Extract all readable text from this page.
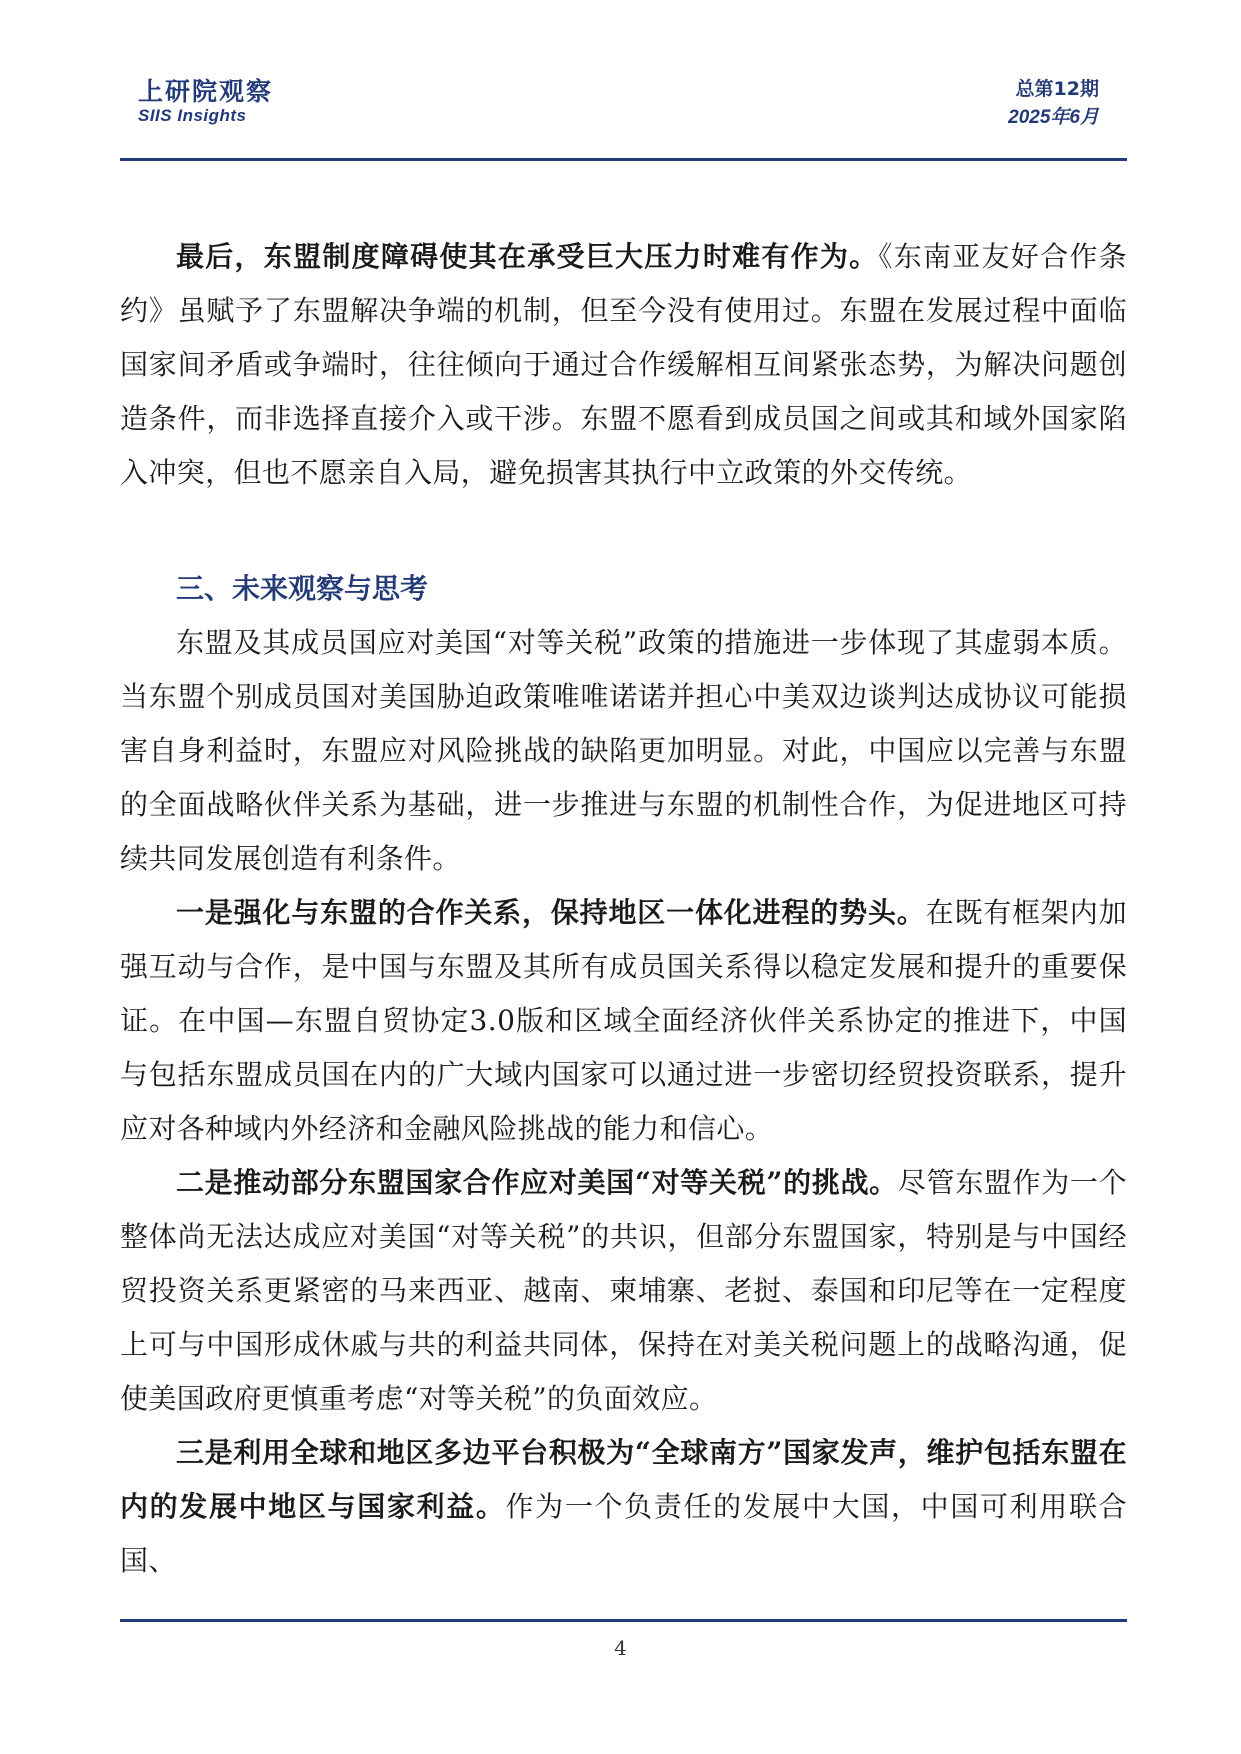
上研院观察
SIIS Insights
总第12期
2025年6月

最后，东盟制度障碍使其在承受巨大压力时难有作为。《东南亚友好合作条约》虽赋予了东盟解决争端的机制，但至今没有使用过。东盟在发展过程中面临国家间矛盾或争端时，往往倾向于通过合作缓解相互间紧张态势，为解决问题创造条件，而非选择直接介入或干涉。东盟不愿看到成员国之间或其和域外国家陷入冲突，但也不愿亲自入局，避免损害其执行中立政策的外交传统。

三、未来观察与思考

东盟及其成员国应对美国“对等关税”政策的措施进一步体现了其虚弱本质。当东盟个别成员国对美国胁迫政策唯唯诺诺并担心中美双边谈判达成协议可能损害自身利益时，东盟应对风险挑战的缺陷更加明显。对此，中国应以完善与东盟的全面战略伙伴关系为基础，进一步推进与东盟的机制性合作，为促进地区可持续共同发展创造有利条件。

一是强化与东盟的合作关系，保持地区一体化进程的势头。在既有框架内加强互动与合作，是中国与东盟及其所有成员国关系得以稳定发展和提升的重要保证。在中国—东盟自贸协定3.0版和区域全面经济伙伴关系协定的推进下，中国与包括东盟成员国在内的广大域内国家可以通过进一步密切经贸投资联系，提升应对各种域内外经济和金融风险挑战的能力和信心。

二是推动部分东盟国家合作应对美国“对等关税”的挑战。尽管东盟作为一个整体尚无法达成应对美国“对等关税”的共识，但部分东盟国家，特别是与中国经贸投资关系更紧密的马来西亚、越南、柬埔寨、老挝、泰国和印尼等在一定程度上可与中国形成休戚与共的利益共同体，保持在对美关税问题上的战略沟通，促使美国政府更慎重考虑“对等关税”的负面效应。

三是利用全球和地区多边平台积极为“全球南方”国家发声，维护包括东盟在内的发展中地区与国家利益。作为一个负责任的发展中大国，中国可利用联合国、

4
